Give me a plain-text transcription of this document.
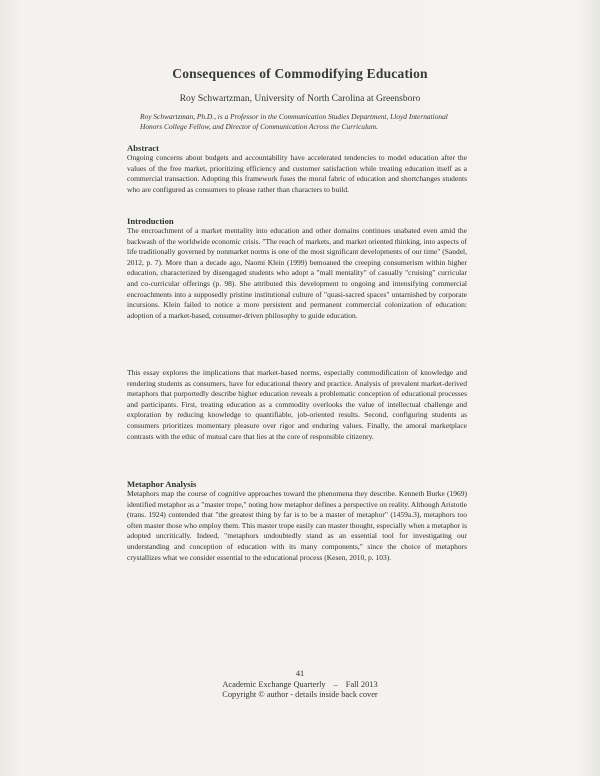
Consequences of Commodifying Education
Roy Schwartzman, University of North Carolina at Greensboro
Roy Schwartzman, Ph.D., is a Professor in the Communication Studies Department, Lloyd International Honors College Fellow, and Director of Communication Across the Curriculum.

Abstract

Ongoing concerns about budgets and accountability have accelerated tendencies to model education after the values of the free market, prioritizing efficiency and customer satisfaction while treating education itself as a commercial transaction. Adopting this framework fuses the moral fabric of education and shortchanges students who are configured as consumers to please rather than characters to build.

Introduction

The encroachment of a market mentality into education and other domains continues unabated even amid the backwash of the worldwide economic crisis. "The reach of markets, and market oriented thinking, into aspects of life traditionally governed by nonmarket norms is one of the most significant developments of our time" (Sandel, 2012, p. 7). More than a decade ago, Naomi Klein (1999) bemoaned the creeping consumerism within higher education, characterized by disengaged students who adopt a "mall mentality" of casually "cruising" curricular and co-curricular offerings (p. 98). She attributed this development to ongoing and intensifying commercial encroachments into a supposedly pristine institutional culture of "quasi-sacred spaces" untarnished by corporate incursions. Klein failed to notice a more persistent and permanent commercial colonization of education: adoption of a market-based, consumer-driven philosophy to guide education.

This essay explores the implications that market-based norms, especially commodification of knowledge and rendering students as consumers, have for educational theory and practice. Analysis of prevalent market-derived metaphors that purportedly describe higher education reveals a problematic conception of educational processes and participants. First, treating education as a commodity overlooks the value of intellectual challenge and exploration by reducing knowledge to quantifiable, job-oriented results. Second, configuring students as consumers prioritizes momentary pleasure over rigor and enduring values. Finally, the amoral marketplace contrasts with the ethic of mutual care that lies at the core of responsible citizenry.

Metaphor Analysis

Metaphors map the course of cognitive approaches toward the phenomena they describe. Kenneth Burke (1969) identified metaphor as a "master trope," noting how metaphor defines a perspective on reality. Although Aristotle (trans. 1924) contended that "the greatest thing by far is to be a master of metaphor" (1459a.3), metaphors too often master those who employ them. This master trope easily can master thought, especially when a metaphor is adopted uncritically. Indeed, "metaphors undoubtedly stand as an essential tool for investigating our understanding and conception of education with its many components," since the choice of metaphors crystallizes what we consider essential to the educational process (Kesen, 2010, p. 103).

41
Academic Exchange Quarterly – Fall 2013
Copyright © author - details inside back cover
